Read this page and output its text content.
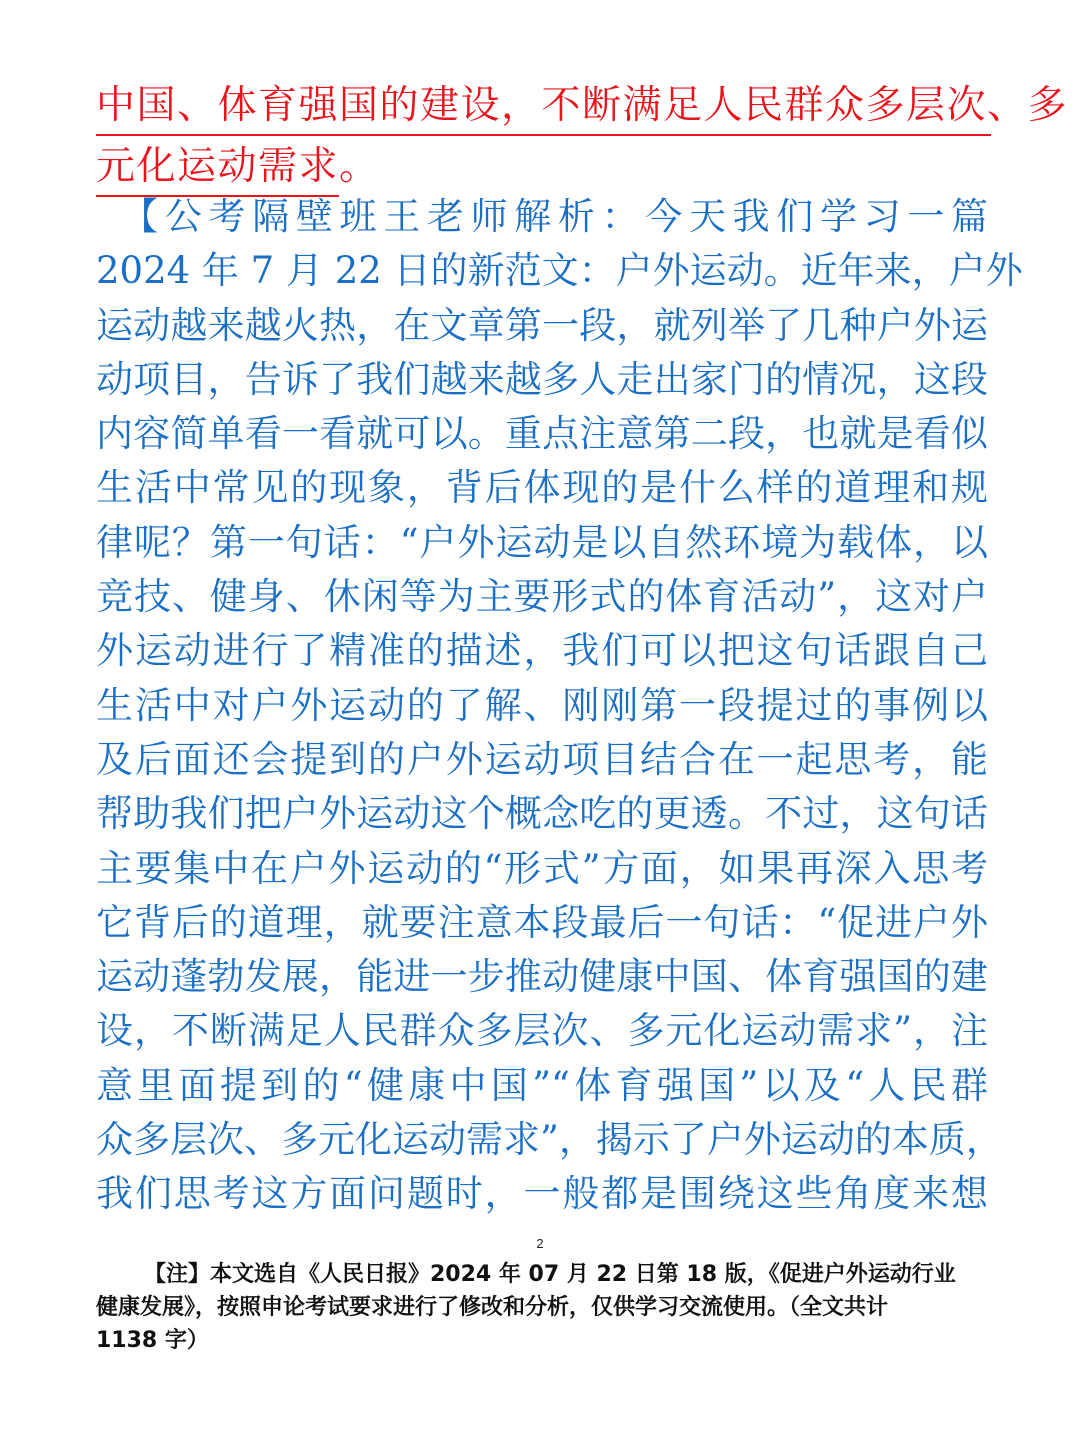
中国、体育强国的建设，不断满足人民群众多层次、多
元化运动需求。
　【公考隔壁班王老师解析：今天我们学习一篇
2024 年 7 月 22 日的新范文：户外运动。近年来，户外
运动越来越火热，在文章第一段，就列举了几种户外运
动项目，告诉了我们越来越多人走出家门的情况，这段
内容简单看一看就可以。重点注意第二段，也就是看似
生活中常见的现象，背后体现的是什么样的道理和规
律呢？第一句话：“户外运动是以自然环境为载体，以
竞技、健身、休闲等为主要形式的体育活动”，这对户
外运动进行了精准的描述，我们可以把这句话跟自己
生活中对户外运动的了解、刚刚第一段提过的事例以
及后面还会提到的户外运动项目结合在一起思考，能
帮助我们把户外运动这个概念吃的更透。不过，这句话
主要集中在户外运动的“形式”方面，如果再深入思考
它背后的道理，就要注意本段最后一句话：“促进户外
运动蓬勃发展，能进一步推动健康中国、体育强国的建
设，不断满足人民群众多层次、多元化运动需求”，注
意里面提到的“健康中国”“体育强国”以及“人民群
众多层次、多元化运动需求”，揭示了户外运动的本质，
我们思考这方面问题时，一般都是围绕这些角度来想
2
【注】本文选自《人民日报》2024 年 07 月 22 日第 18 版，《促进户外运动行业
健康发展》，按照申论考试要求进行了修改和分析，仅供学习交流使用。（全文共计
1138 字）
